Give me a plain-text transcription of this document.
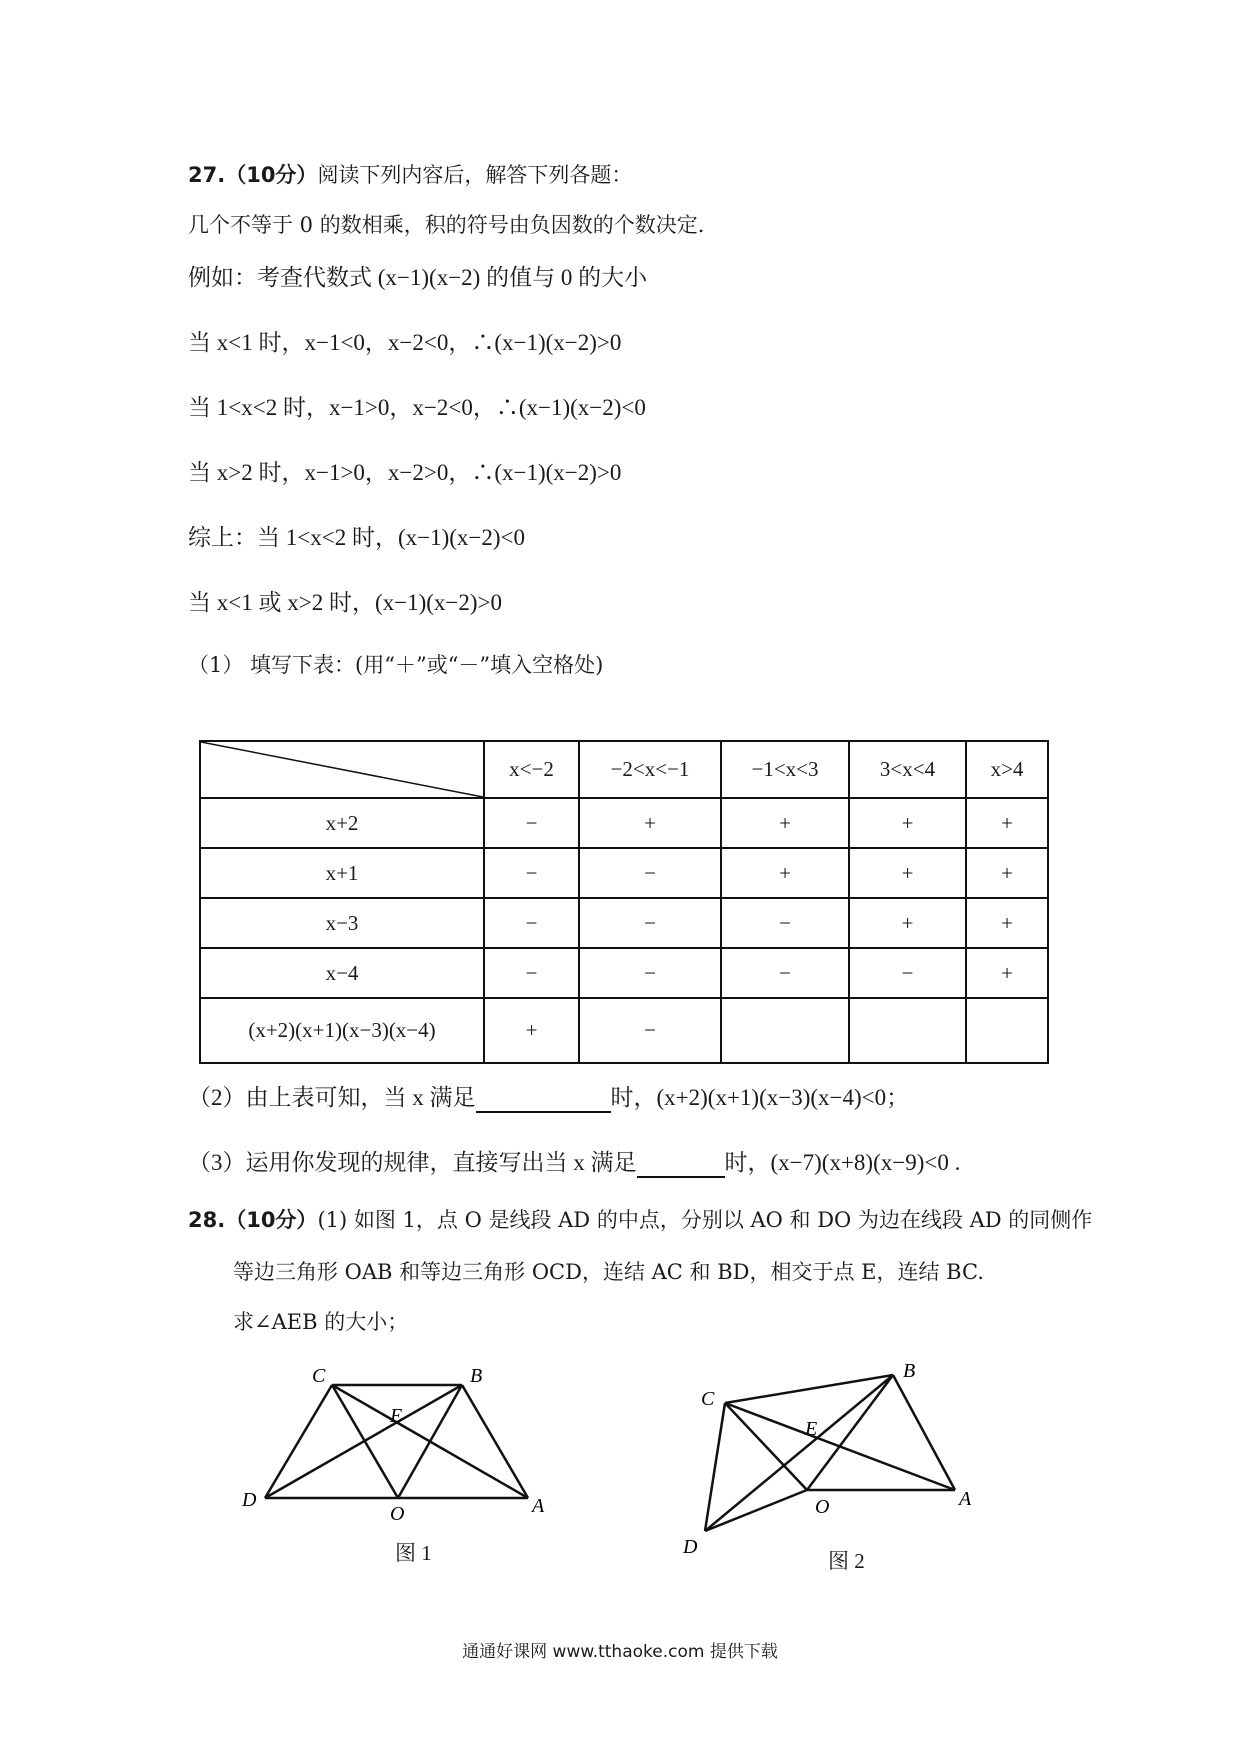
27.（10分）阅读下列内容后，解答下列各题：
几个不等于 0 的数相乘，积的符号由负因数的个数决定.
例如：考查代数式 (x−1)(x−2) 的值与 0 的大小
当 x<1 时，x−1<0，x−2<0，∴(x−1)(x−2)>0
当 1<x<2 时，x−1>0，x−2<0，∴(x−1)(x−2)<0
当 x>2 时，x−1>0，x−2>0，∴(x−1)(x−2)>0
综上：当 1<x<2 时，(x−1)(x−2)<0
当 x<1 或 x>2 时，(x−1)(x−2)>0
（1） 填写下表：(用“＋”或“－”填入空格处)
	x<−2	−2<x<−1	−1<x<3	3<x<4	x>4
x+2	−	+	+	+	+
x+1	−	−	+	+	+
x−3	−	−	−	+	+
x−4	−	−	−	−	+
(x+2)(x+1)(x−3)(x−4)	+	−			
（2）由上表可知，当 x 满足	时，(x+2)(x+1)(x−3)(x−4)<0；
（3）运用你发现的规律，直接写出当 x 满足	时，(x−7)(x+8)(x−9)<0 .
28.（10分）(1) 如图 1，点 O 是线段 AD 的中点，分别以 AO 和 DO 为边在线段 AD 的同侧作
等边三角形 OAB 和等边三角形 OCD，连结 AC 和 BD，相交于点 E，连结 BC.
求∠AEB 的大小；
C	B
E
D
O	A
图 1
C
B
E
O	A
D
图 2
通通好课网 www.tthaoke.com 提供下载
